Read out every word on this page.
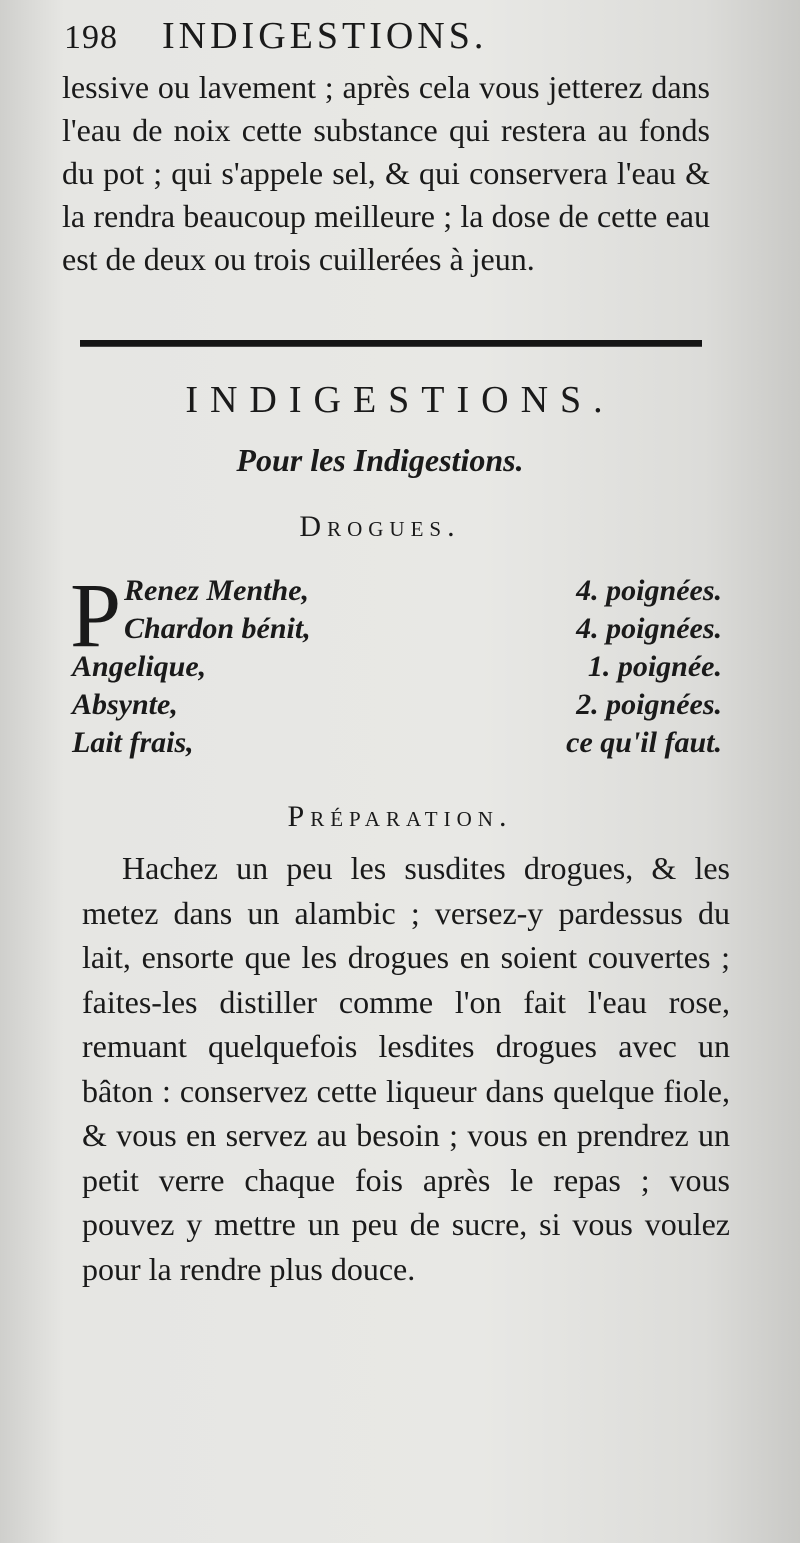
198 INDIGESTIONS.

lessive ou lavement ; après cela vous jetterez dans l'eau de noix cette substance qui restera au fonds du pot ; qui s'appele sel, & qui conservera l'eau & la rendra beaucoup meilleure ; la dose de cette eau est de deux ou trois cuillerées à jeun.

INDIGESTIONS.
Pour les Indigestions.
Drogues.
P Renez Menthe,	4. poignées.
Chardon bénit,	4. poignées.
Angelique,	1. poignée.
Absynte,	2. poignées.
Lait frais,	ce qu'il faut.
Préparation.

Hachez un peu les susdites drogues, & les metez dans un alambic ; versez-y pardessus du lait, ensorte que les drogues en soient couvertes ; faites-les distiller comme l'on fait l'eau rose, remuant quelquefois lesdites drogues avec un bâton : conservez cette liqueur dans quelque fiole, & vous en servez au besoin ; vous en prendrez un petit verre chaque fois après le repas ; vous pouvez y mettre un peu de sucre, si vous voulez pour la rendre plus douce.
